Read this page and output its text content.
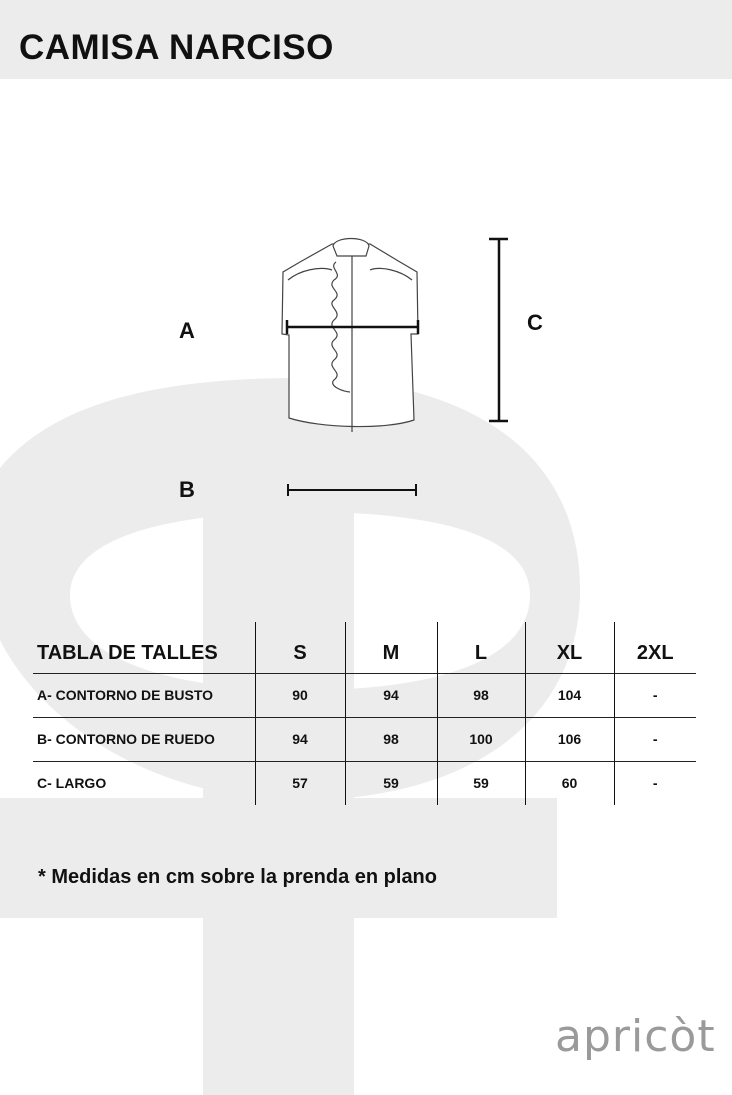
CAMISA NARCISO
A
B
C
TABLA DE TALLES	S	M	L	XL	2XL
A- CONTORNO DE BUSTO	90	94	98	104	-
B- CONTORNO DE RUEDO	94	98	100	106	-
C- LARGO	57	59	59	60	-
* Medidas en cm sobre la prenda en plano
apricòt
